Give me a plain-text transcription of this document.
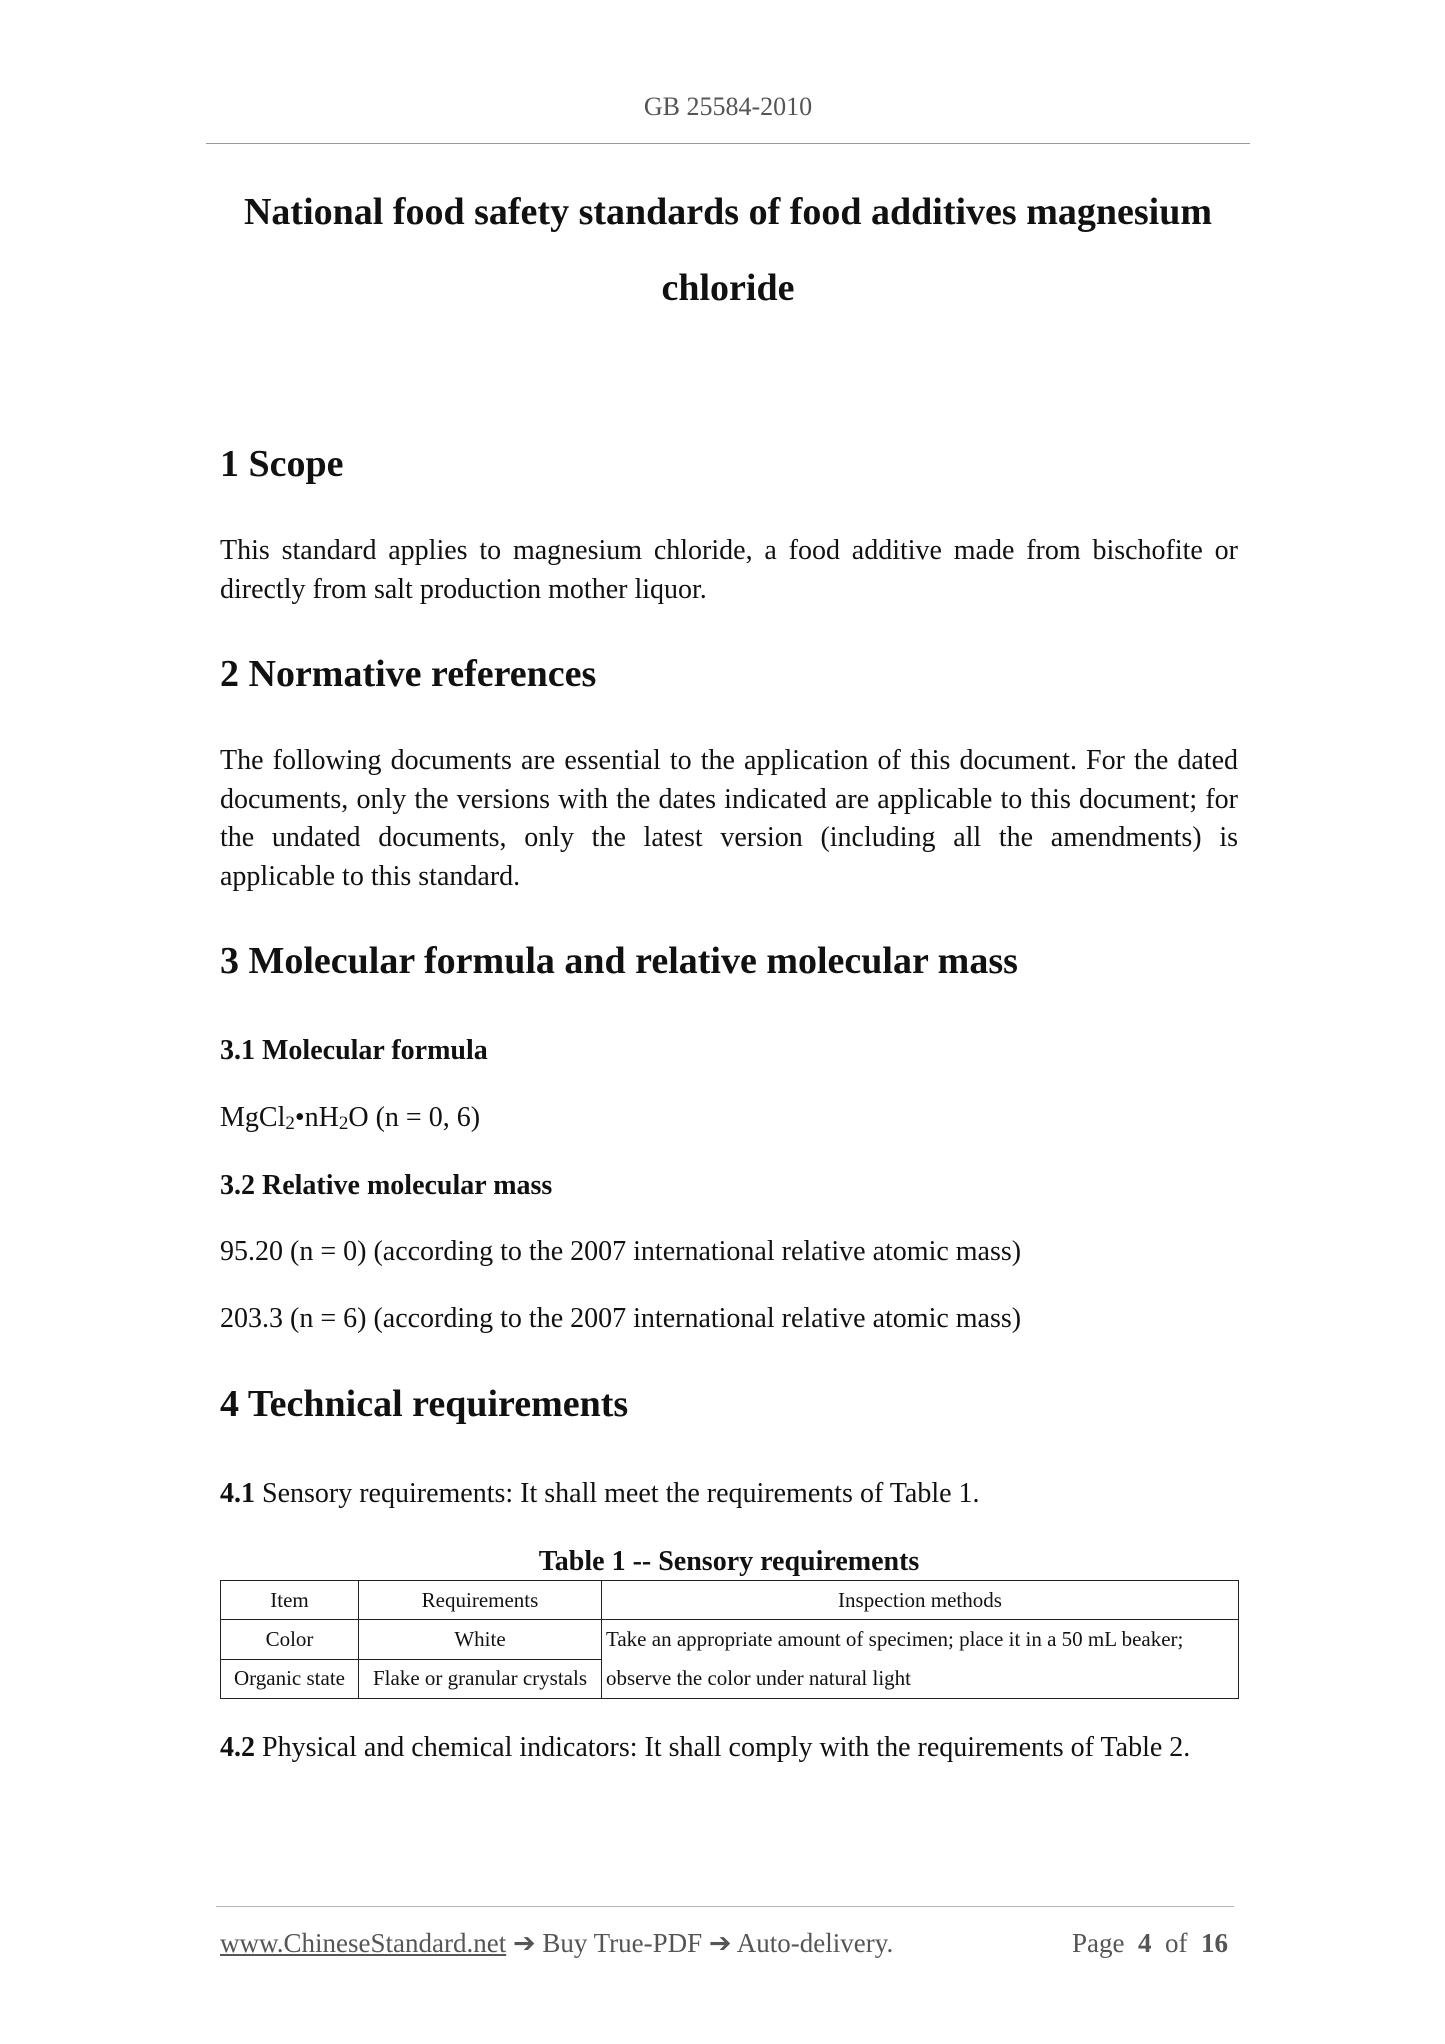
GB 25584-2010
National food safety standards of food additives magnesium
chloride
1 Scope

This standard applies to magnesium chloride, a food additive made from bischofite or directly from salt production mother liquor.

2 Normative references

The following documents are essential to the application of this document. For the dated documents, only the versions with the dates indicated are applicable to this document; for the undated documents, only the latest version (including all the amendments) is applicable to this standard.

3 Molecular formula and relative molecular mass
3.1 Molecular formula

$MgCl_2•nH_2O$ (n = 0, 6)

3.2 Relative molecular mass

95.20 (n = 0) (according to the 2007 international relative atomic mass)

203.3 (n = 6) (according to the 2007 international relative atomic mass)

4 Technical requirements

4.1 Sensory requirements: It shall meet the requirements of Table 1.

Table 1 -- Sensory requirements
Item	Requirements	Inspection methods
Color	White	Take an appropriate amount of specimen; place it in a 50 mL beaker; observe the color under natural light
Organic state	Flake or granular crystals	

4.2 Physical and chemical indicators: It shall comply with the requirements of Table 2.

www.ChineseStandard.net ➔ Buy True-PDF ➔ Auto-delivery.	Page 4 of 16
